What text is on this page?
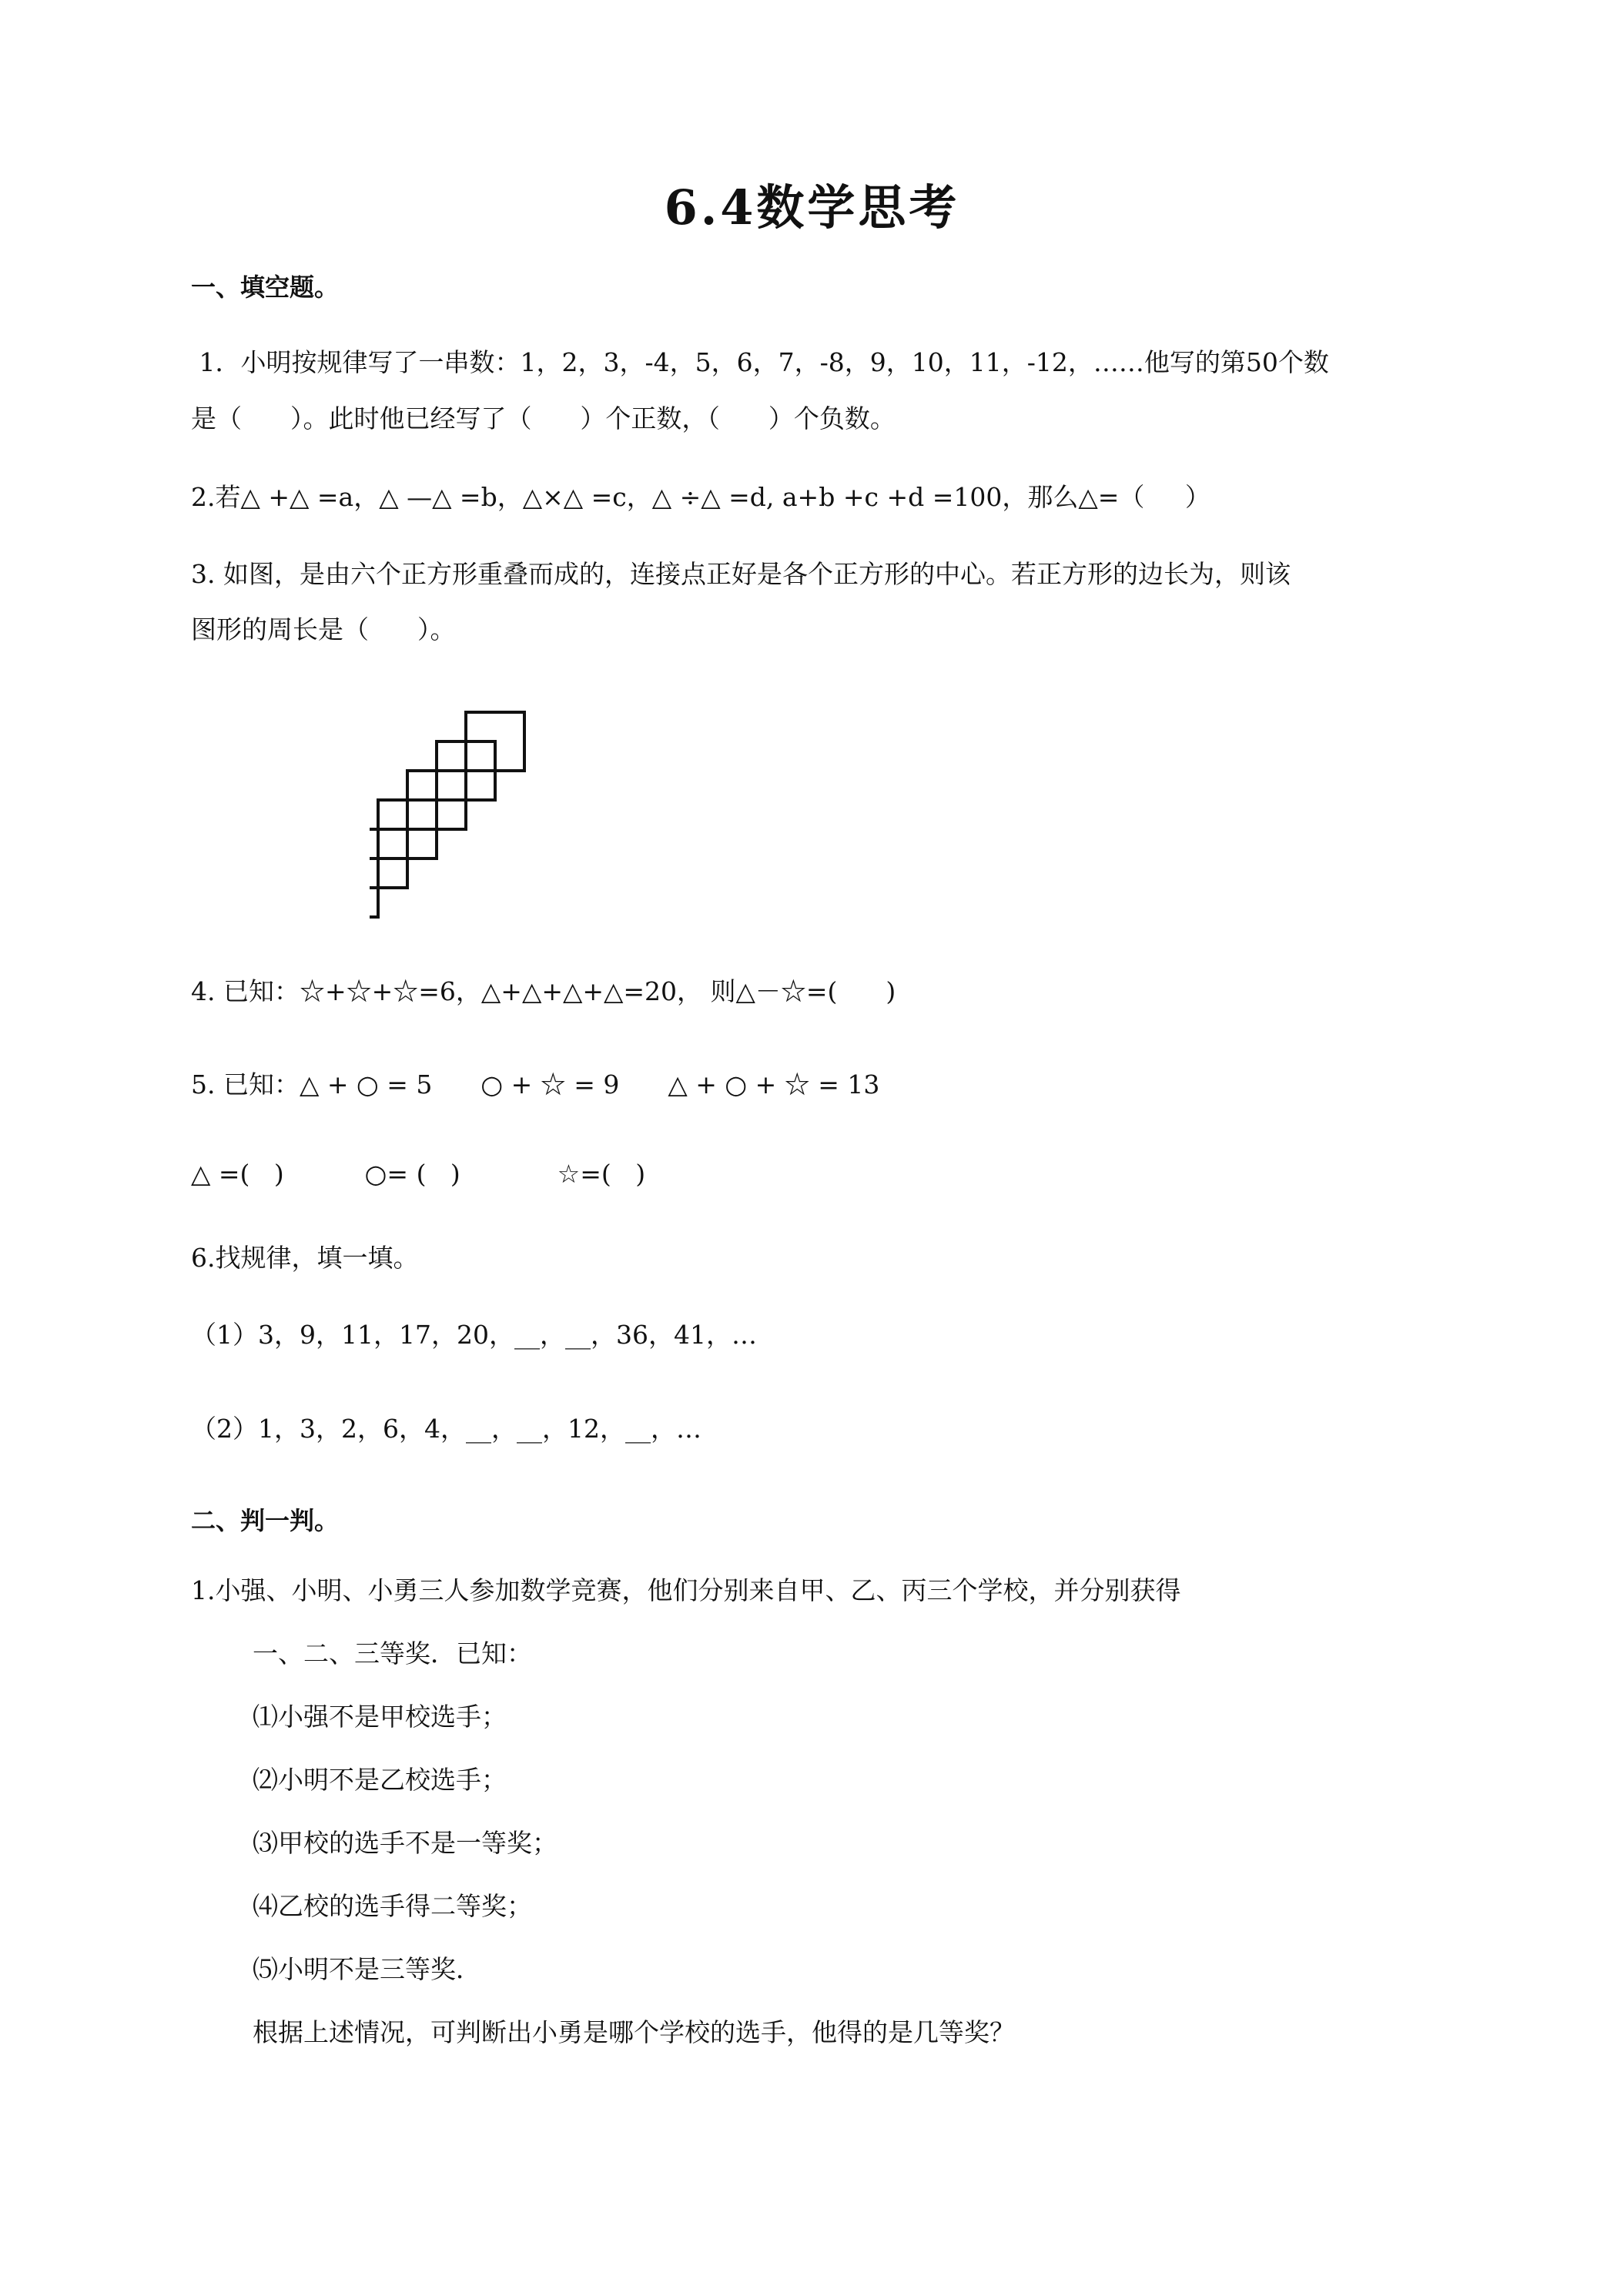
6.4数学思考
一、填空题。
1．小明按规律写了一串数：1，2，3，-4，5，6，7，-8，9，10，11，-12，……他写的第50个数
是（      ）。此时他已经写了（      ）个正数，（      ）个负数。
2.若△ +△ =a，△ —△ =b，△×△ =c，△ ÷△ =d, a+b +c +d =100，那么△=（     ）
3. 如图，是由六个正方形重叠而成的，连接点正好是各个正方形的中心。若正方形的边长为，则该
图形的周长是（      ）。
4. 已知：☆+☆+☆=6，△+△+△+△=20， 则△－☆=(      )
5. 已知：△ + ○ = 5      ○ + ☆ = 9      △ + ○ + ☆ = 13
△ =(   )          ○= (   )            ☆=(   )
6.找规律，填一填。
（1）3，9，11，17，20，__，__，36，41，…
（2）1，3，2，6，4，__，__，12，__，…
二、判一判。
1.小强、小明、小勇三人参加数学竞赛，他们分别来自甲、乙、丙三个学校，并分别获得
一、二、三等奖．已知：
⑴小强不是甲校选手；
⑵小明不是乙校选手；
⑶甲校的选手不是一等奖；
⑷乙校的选手得二等奖；
⑸小明不是三等奖．
根据上述情况，可判断出小勇是哪个学校的选手，他得的是几等奖？
